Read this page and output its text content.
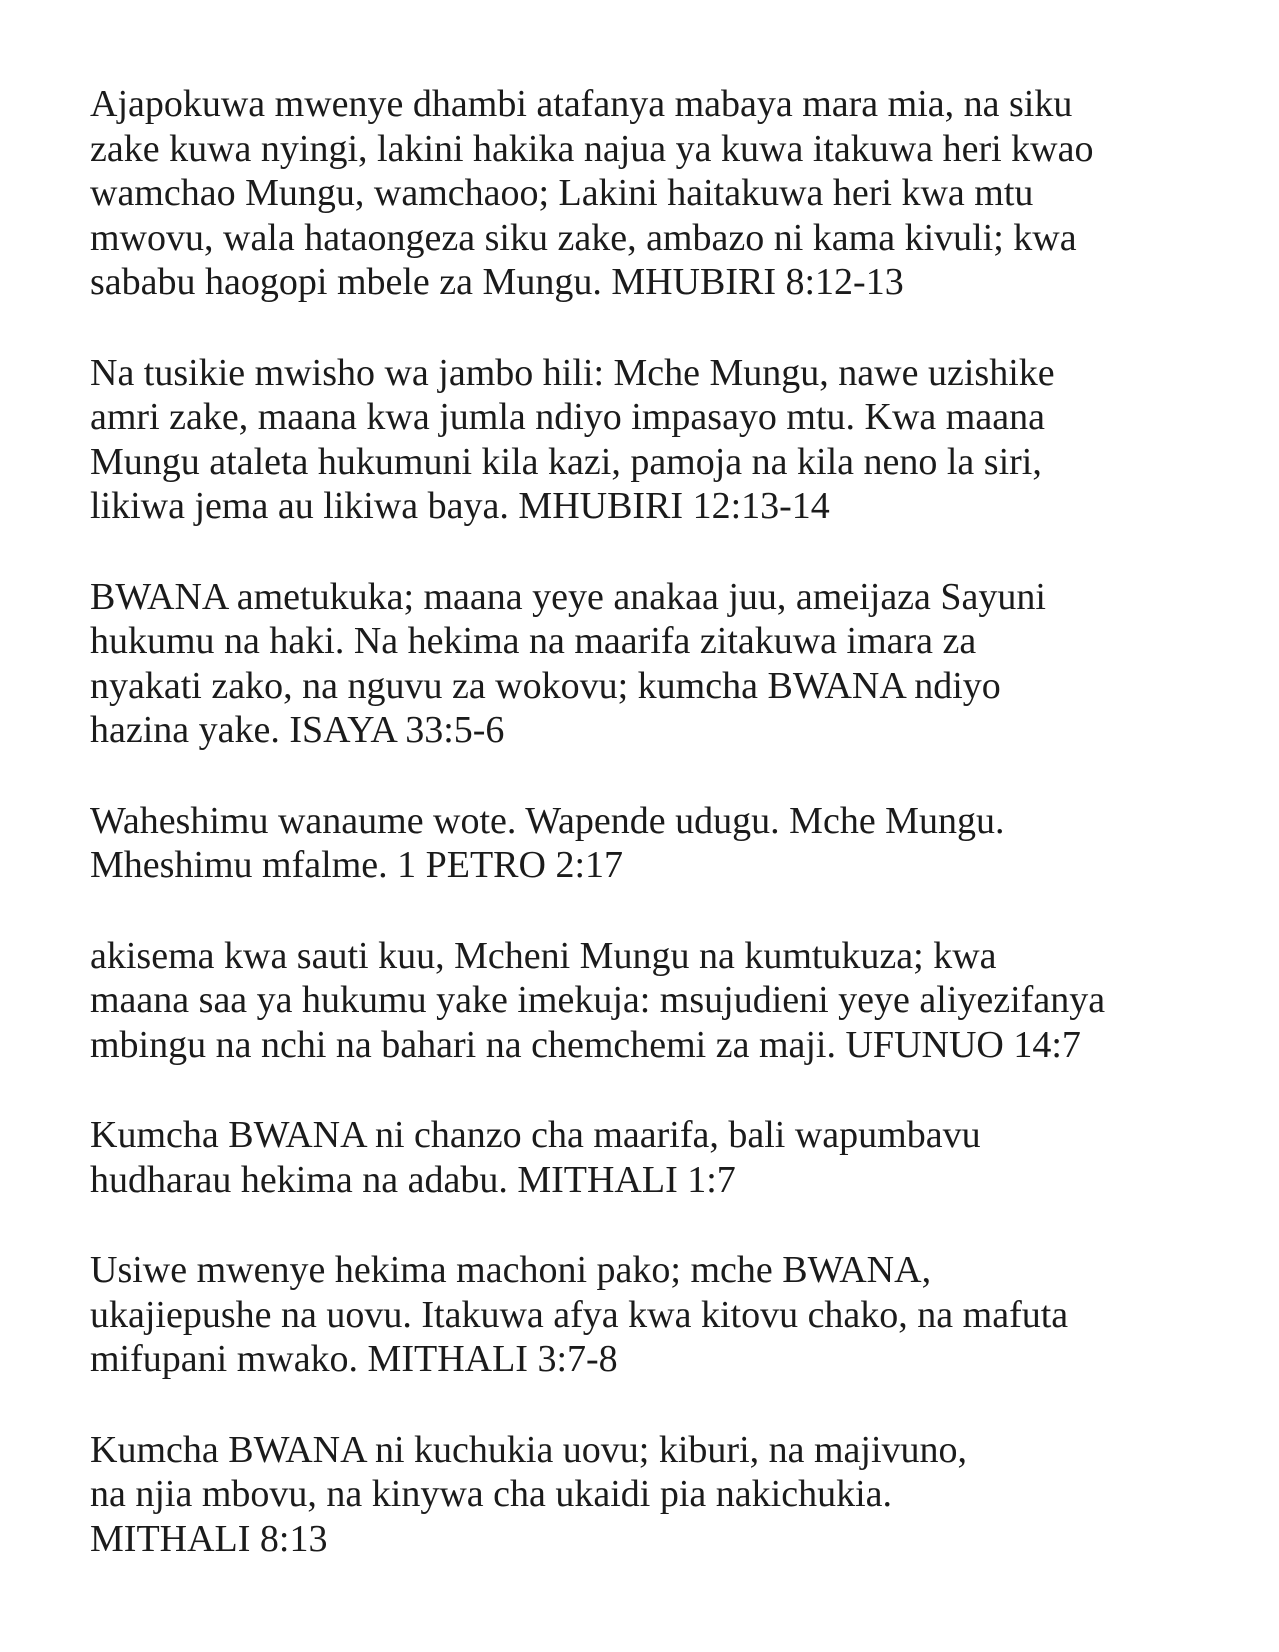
Ajapokuwa mwenye dhambi atafanya mabaya mara mia, na siku
zake kuwa nyingi, lakini hakika najua ya kuwa itakuwa heri kwao
wamchao Mungu, wamchaoo; Lakini haitakuwa heri kwa mtu
mwovu, wala hataongeza siku zake, ambazo ni kama kivuli; kwa
sababu haogopi mbele za Mungu. MHUBIRI 8:12-13

Na tusikie mwisho wa jambo hili: Mche Mungu, nawe uzishike
amri zake, maana kwa jumla ndiyo impasayo mtu. Kwa maana
Mungu ataleta hukumuni kila kazi, pamoja na kila neno la siri,
likiwa jema au likiwa baya. MHUBIRI 12:13-14

BWANA ametukuka; maana yeye anakaa juu, ameijaza Sayuni
hukumu na haki. Na hekima na maarifa zitakuwa imara za
nyakati zako, na nguvu za wokovu; kumcha BWANA ndiyo
hazina yake. ISAYA 33:5-6

Waheshimu wanaume wote. Wapende udugu. Mche Mungu.
Mheshimu mfalme. 1 PETRO 2:17

akisema kwa sauti kuu, Mcheni Mungu na kumtukuza; kwa
maana saa ya hukumu yake imekuja: msujudieni yeye aliyezifanya
mbingu na nchi na bahari na chemchemi za maji. UFUNUO 14:7

Kumcha BWANA ni chanzo cha maarifa, bali wapumbavu
hudharau hekima na adabu. MITHALI 1:7

Usiwe mwenye hekima machoni pako; mche BWANA,
ukajiepushe na uovu. Itakuwa afya kwa kitovu chako, na mafuta
mifupani mwako. MITHALI 3:7-8

Kumcha BWANA ni kuchukia uovu; kiburi, na majivuno,
na njia mbovu, na kinywa cha ukaidi pia nakichukia.
MITHALI 8:13
